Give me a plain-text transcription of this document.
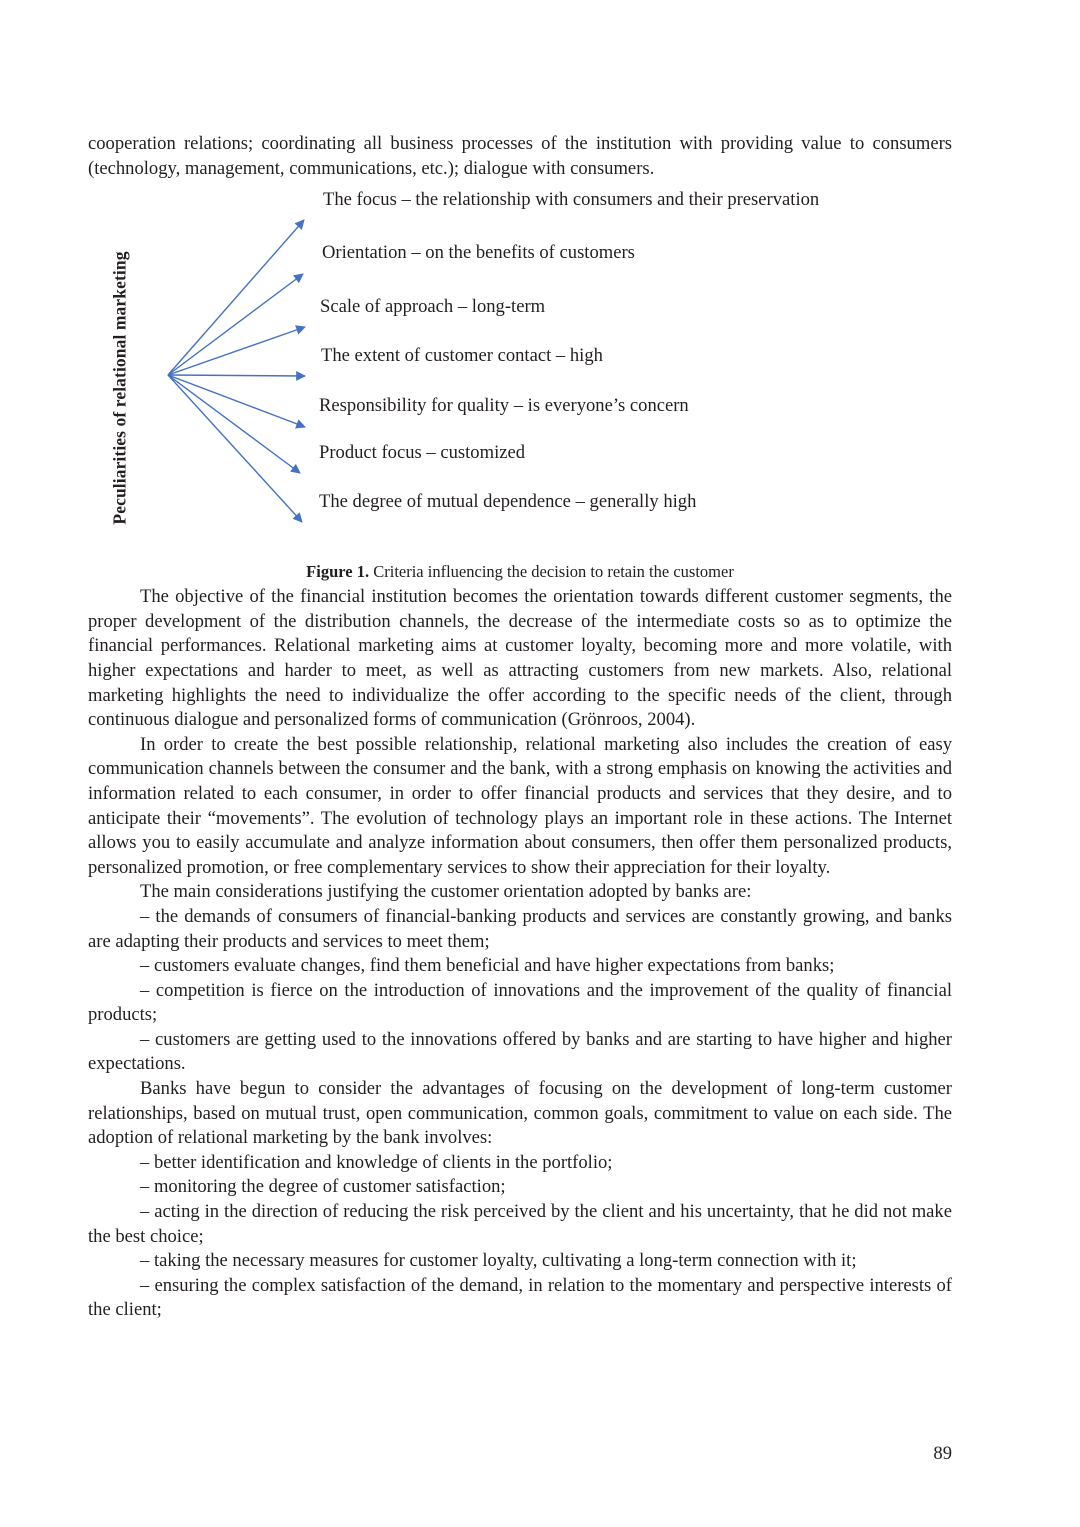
cooperation relations; coordinating all business processes of the institution with providing value to consumers (technology, management, communications, etc.); dialogue with consumers.

Peculiarities of relational marketing
The focus – the relationship with consumers and their preservation
Orientation – on the benefits of customers
Scale of approach – long-term
The extent of customer contact – high
Responsibility for quality – is everyone’s concern
Product focus – customized
The degree of mutual dependence – generally high
Figure 1. Criteria influencing the decision to retain the customer

The objective of the financial institution becomes the orientation towards different customer segments, the proper development of the distribution channels, the decrease of the intermediate costs so as to optimize the financial performances. Relational marketing aims at customer loyalty, becoming more and more volatile, with higher expectations and harder to meet, as well as attracting customers from new markets. Also, relational marketing highlights the need to individualize the offer according to the specific needs of the client, through continuous dialogue and personalized forms of communication (Grönroos, 2004).

In order to create the best possible relationship, relational marketing also includes the creation of easy communication channels between the consumer and the bank, with a strong emphasis on knowing the activities and information related to each consumer, in order to offer financial products and services that they desire, and to anticipate their “movements”. The evolution of technology plays an important role in these actions. The Internet allows you to easily accumulate and analyze information about consumers, then offer them personalized products, personalized promotion, or free complementary services to show their appreciation for their loyalty.

The main considerations justifying the customer orientation adopted by banks are:

– the demands of consumers of financial-banking products and services are constantly growing, and banks are adapting their products and services to meet them;

– customers evaluate changes, find them beneficial and have higher expectations from banks;

– competition is fierce on the introduction of innovations and the improvement of the quality of financial products;

– customers are getting used to the innovations offered by banks and are starting to have higher and higher expectations.

Banks have begun to consider the advantages of focusing on the development of long-term customer relationships, based on mutual trust, open communication, common goals, commitment to value on each side. The adoption of relational marketing by the bank involves:

– better identification and knowledge of clients in the portfolio;

– monitoring the degree of customer satisfaction;

– acting in the direction of reducing the risk perceived by the client and his uncertainty, that he did not make the best choice;

– taking the necessary measures for customer loyalty, cultivating a long-term connection with it;

– ensuring the complex satisfaction of the demand, in relation to the momentary and perspective interests of the client;

89
